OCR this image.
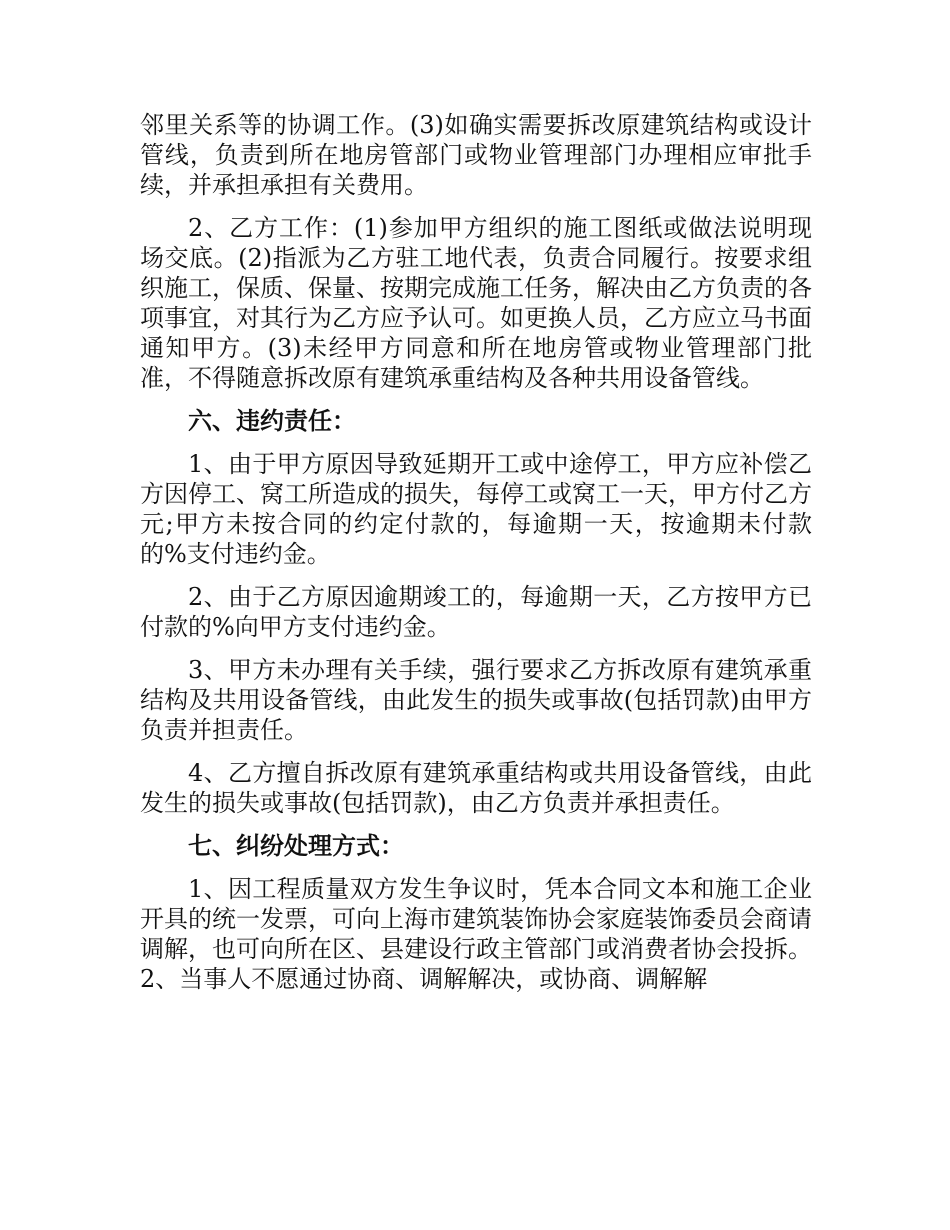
邻里关系等的协调工作。(3)如确实需要拆改原建筑结构或设计管线，负责到所在地房管部门或物业管理部门办理相应审批手续，并承担承担有关费用。

2、乙方工作：(1)参加甲方组织的施工图纸或做法说明现场交底。(2)指派为乙方驻工地代表，负责合同履行。按要求组织施工，保质、保量、按期完成施工任务，解决由乙方负责的各项事宜，对其行为乙方应予认可。如更换人员，乙方应立马书面通知甲方。(3)未经甲方同意和所在地房管或物业管理部门批准，不得随意拆改原有建筑承重结构及各种共用设备管线。

六、违约责任：

1、由于甲方原因导致延期开工或中途停工，甲方应补偿乙方因停工、窝工所造成的损失，每停工或窝工一天，甲方付乙方元;甲方未按合同的约定付款的，每逾期一天，按逾期未付款的%支付违约金。

2、由于乙方原因逾期竣工的，每逾期一天，乙方按甲方已付款的%向甲方支付违约金。

3、甲方未办理有关手续，强行要求乙方拆改原有建筑承重结构及共用设备管线，由此发生的损失或事故(包括罚款)由甲方负责并担责任。

4、乙方擅自拆改原有建筑承重结构或共用设备管线，由此发生的损失或事故(包括罚款)，由乙方负责并承担责任。

七、纠纷处理方式：

1、因工程质量双方发生争议时，凭本合同文本和施工企业开具的统一发票，可向上海市建筑装饰协会家庭装饰委员会商请调解，也可向所在区、县建设行政主管部门或消费者协会投拆。2、当事人不愿通过协商、调解解决，或协商、调解解
